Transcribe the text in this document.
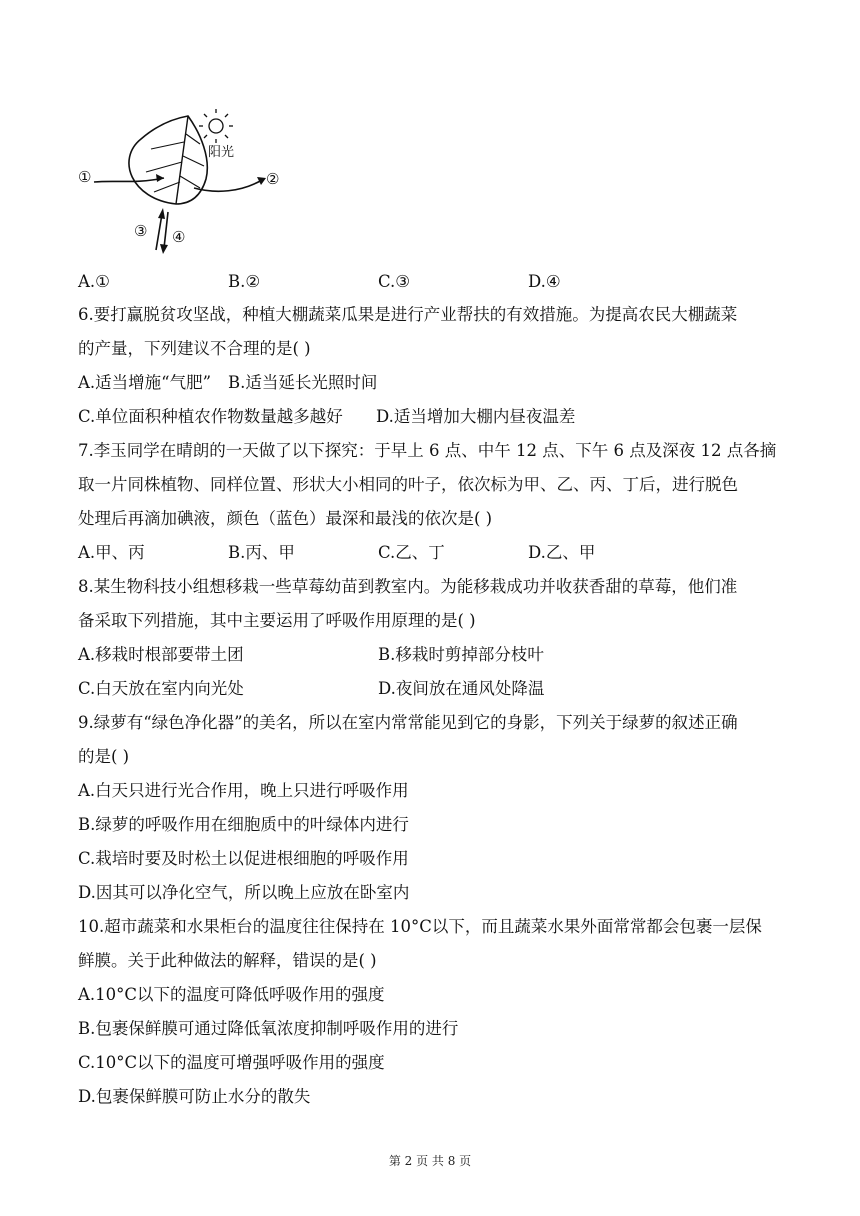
阳光
①	②
③ ④
A.①	B.②	C.③	D.④
6.要打赢脱贫攻坚战，种植大棚蔬菜瓜果是进行产业帮扶的有效措施。为提高农民大棚蔬菜
的产量，下列建议不合理的是( )
A.适当增施“气肥” B.适当延长光照时间
C.单位面积种植农作物数量越多越好 D.适当增加大棚内昼夜温差
7.李玉同学在晴朗的一天做了以下探究：于早上 6 点、中午 12 点、下午 6 点及深夜 12 点各摘
取一片同株植物、同样位置、形状大小相同的叶子，依次标为甲、乙、丙、丁后，进行脱色
处理后再滴加碘液，颜色（蓝色）最深和最浅的依次是( )
A.甲、丙	B.丙、甲	C.乙、丁	D.乙、甲
8.某生物科技小组想移栽一些草莓幼苗到教室内。为能移栽成功并收获香甜的草莓，他们准
备采取下列措施，其中主要运用了呼吸作用原理的是( )
A.移栽时根部要带土团	B.移栽时剪掉部分枝叶
C.白天放在室内向光处	D.夜间放在通风处降温
9.绿萝有“绿色净化器”的美名，所以在室内常常能见到它的身影，下列关于绿萝的叙述正确
的是( )
A.白天只进行光合作用，晚上只进行呼吸作用
B.绿萝的呼吸作用在细胞质中的叶绿体内进行
C.栽培时要及时松土以促进根细胞的呼吸作用
D.因其可以净化空气，所以晚上应放在卧室内
10.超市蔬菜和水果柜台的温度往往保持在 10°C以下，而且蔬菜水果外面常常都会包裹一层保
鲜膜。关于此种做法的解释，错误的是( )
A.10°C以下的温度可降低呼吸作用的强度
B.包裹保鲜膜可通过降低氧浓度抑制呼吸作用的进行
C.10°C以下的温度可增强呼吸作用的强度
D.包裹保鲜膜可防止水分的散失
第 2 页 共 8 页
